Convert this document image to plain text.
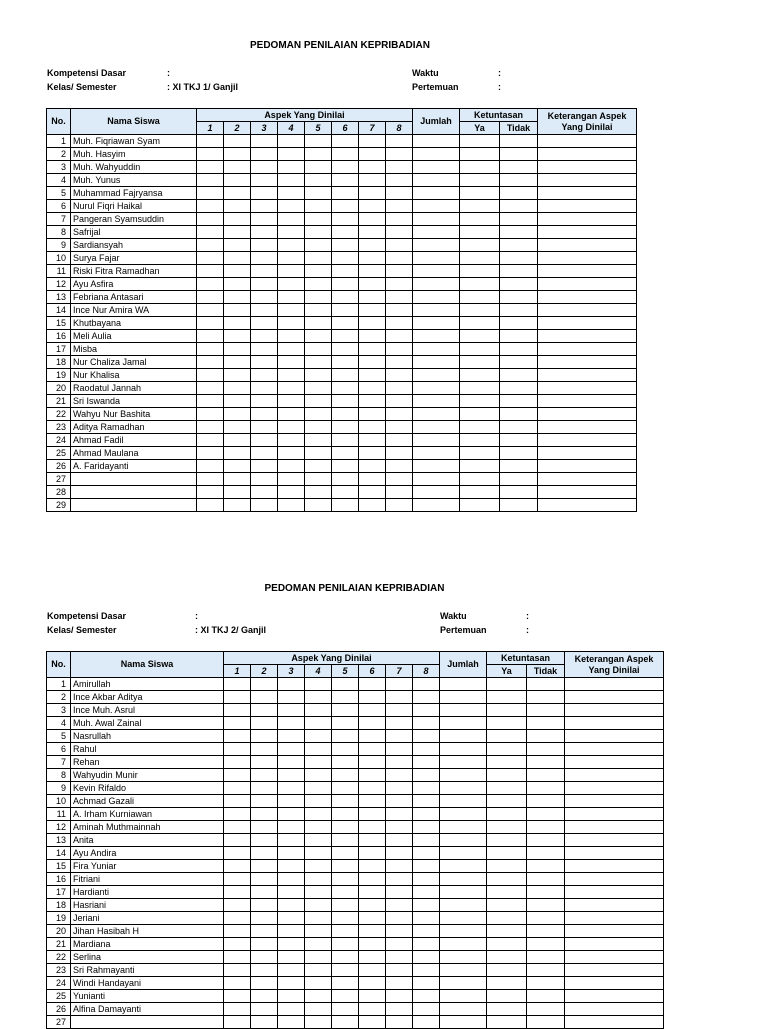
PEDOMAN PENILAIAN KEPRIBADIAN
Kompetensi Dasar	:
Kelas/ Semester	: XI TKJ 1/ Ganjil
Waktu	:
Pertemuan	:
No.	Nama Siswa	Aspek Yang Dinilai								Jumlah	Ketuntasan		Keterangan Aspek Yang Dinilai
		1	2	3	4	5	6	7	8		Ya	Tidak	
1	Muh. Fiqriawan Syam												
2	Muh. Hasyim												
3	Muh. Wahyuddin												
4	Muh. Yunus												
5	Muhammad Fajryansa												
6	Nurul Fiqri Haikal												
7	Pangeran Syamsuddin												
8	Safrijal												
9	Sardiansyah												
10	Surya Fajar												
11	Riski Fitra Ramadhan												
12	Ayu Asfira												
13	Febriana Antasari												
14	Ince Nur Amira WA												
15	Khutbayana												
16	Meli Aulia												
17	Misba												
18	Nur Chaliza Jamal												
19	Nur Khalisa												
20	Raodatul Jannah												
21	Sri Iswanda												
22	Wahyu Nur Bashita												
23	Aditya Ramadhan												
24	Ahmad Fadil												
25	Ahmad Maulana												
26	A. Faridayanti												
27													
28													
29													
PEDOMAN PENILAIAN KEPRIBADIAN
Kompetensi Dasar	:
Kelas/ Semester	: XI TKJ 2/ Ganjil
Waktu	:
Pertemuan	:
No.	Nama Siswa	Aspek Yang Dinilai								Jumlah	Ketuntasan		Keterangan Aspek Yang Dinilai
		1	2	3	4	5	6	7	8		Ya	Tidak	
1	Amirullah												
2	Ince Akbar Aditya												
3	Ince Muh. Asrul												
4	Muh. Awal Zainal												
5	Nasrullah												
6	Rahul												
7	Rehan												
8	Wahyudin Munir												
9	Kevin Rifaldo												
10	Achmad Gazali												
11	A. Irham Kurniawan												
12	Aminah Muthmainnah												
13	Anita												
14	Ayu Andira												
15	Fira Yuniar												
16	Fitriani												
17	Hardianti												
18	Hasriani												
19	Jeriani												
20	Jihan Hasibah H												
21	Mardiana												
22	Serlina												
23	Sri Rahmayanti												
24	Windi Handayani												
25	Yunianti												
26	Alfina Damayanti												
27													
